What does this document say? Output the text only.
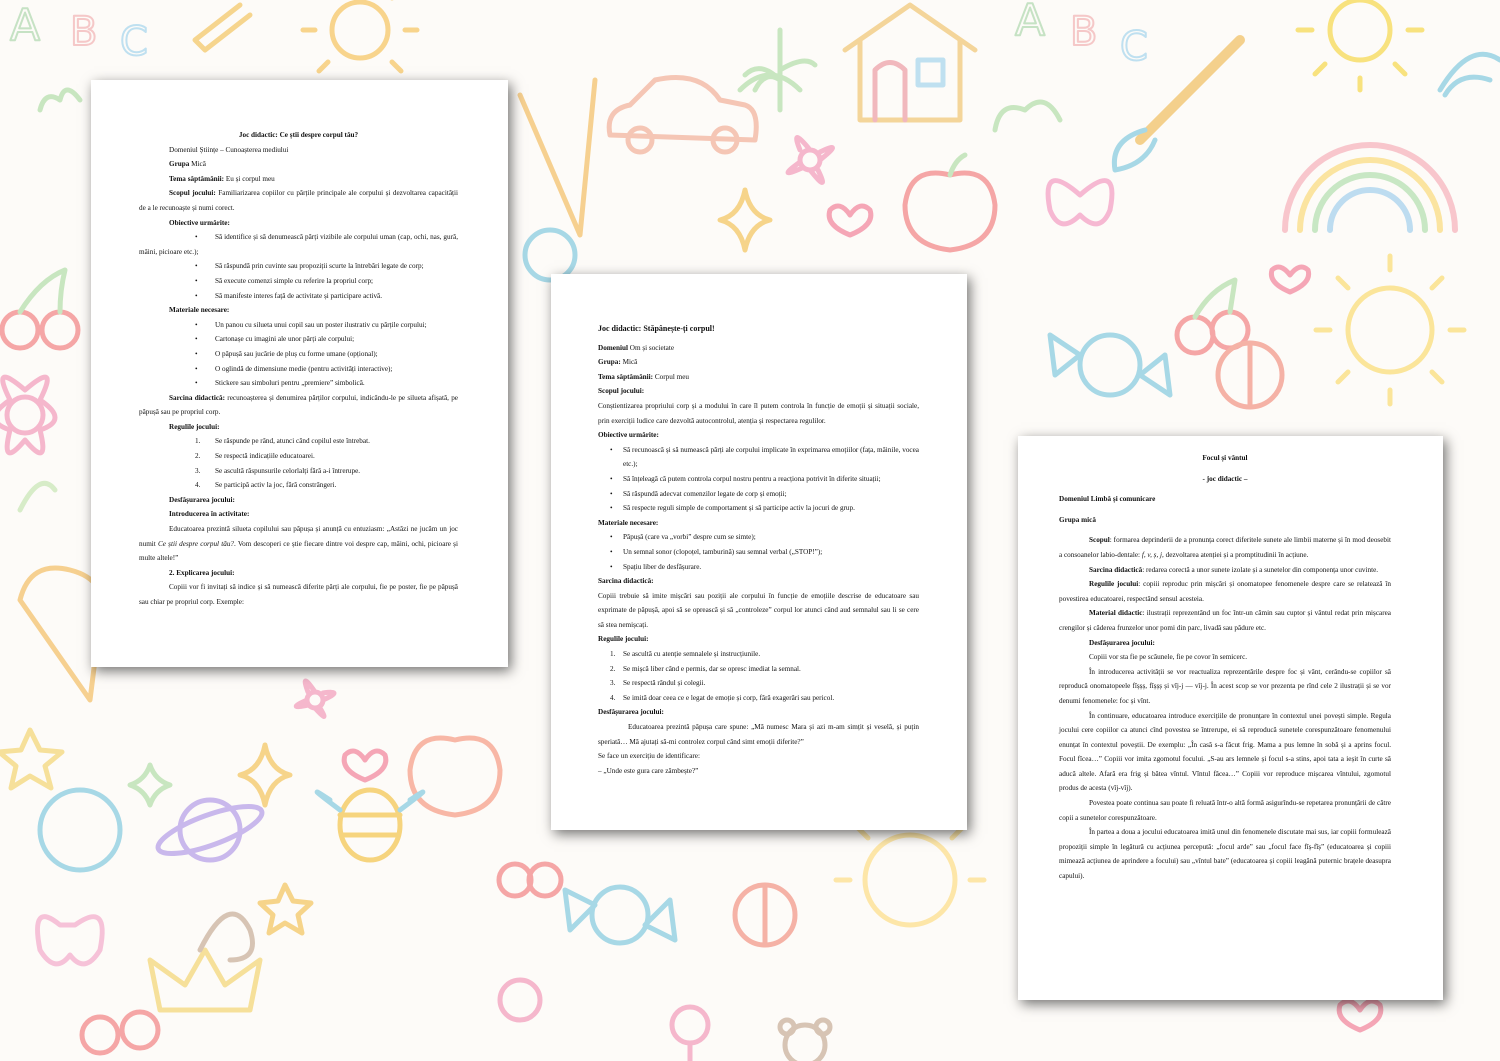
A B C	A B C

Joc didactic: Ce știi despre corpul tău?

Domeniul Științe – Cunoașterea mediului

Grupa Mică

Tema săptămânii: Eu și corpul meu

Scopul jocului: Familiarizarea copiilor cu părțile principale ale corpului și dezvoltarea capacității de a le recunoaște și numi corect.

Obiective urmărite:

• Să identifice și să denumească părți vizibile ale corpului uman (cap, ochi, nas, gură, mâini, picioare etc.);

• Să răspundă prin cuvinte sau propoziții scurte la întrebări legate de corp;

• Să execute comenzi simple cu referire la propriul corp;

• Să manifeste interes față de activitate și participare activă.

Materiale necesare:

• Un panou cu silueta unui copil sau un poster ilustrativ cu părțile corpului;

• Cartonașe cu imagini ale unor părți ale corpului;

• O păpușă sau jucărie de pluș cu forme umane (opțional);

• O oglindă de dimensiune medie (pentru activități interactive);

• Stickere sau simboluri pentru „premiere” simbolică.

Sarcina didactică: recunoașterea și denumirea părților corpului, indicându-le pe silueta afișată, pe păpușă sau pe propriul corp.

Regulile jocului:

1. Se răspunde pe rând, atunci când copilul este întrebat.

2. Se respectă indicațiile educatoarei.

3. Se ascultă răspunsurile celorlalți fără a-i întrerupe.

4. Se participă activ la joc, fără constrângeri.

Desfășurarea jocului:

Introducerea în activitate:

Educatoarea prezintă silueta copilului sau păpușa și anunță cu entuziasm: „Astăzi ne jucăm un joc numit Ce știi despre corpul tău?. Vom descoperi ce știe fiecare dintre voi despre cap, mâini, ochi, picioare și multe altele!”

2. Explicarea jocului:

Copiii vor fi invitați să indice și să numească diferite părți ale corpului, fie pe poster, fie pe păpușă sau chiar pe propriul corp. Exemple:

Joc didactic: Stăpânește-ți corpul!

Domeniul Om și societate

Grupa: Mică

Tema săptămânii: Corpul meu

Scopul jocului:

Conștientizarea propriului corp și a modului în care îl putem controla în funcție de emoții și situații sociale, prin exerciții ludice care dezvoltă autocontrolul, atenția și respectarea regulilor.

Obiective urmărite:

• Să recunoască și să numească părți ale corpului implicate în exprimarea emoțiilor (fața, mâinile, vocea etc.);

• Să înțeleagă că putem controla corpul nostru pentru a reacționa potrivit în diferite situații;

• Să răspundă adecvat comenzilor legate de corp și emoții;

• Să respecte reguli simple de comportament și să participe activ la jocuri de grup.

Materiale necesare:

• Păpușă (care va „vorbi” despre cum se simte);

• Un semnal sonor (clopoțel, tamburină) sau semnal verbal („STOP!”);

• Spațiu liber de desfășurare.

Sarcina didactică:

Copiii trebuie să imite mișcări sau poziții ale corpului în funcție de emoțiile descrise de educatoare sau exprimate de păpușă, apoi să se oprească și să „controleze” corpul lor atunci când aud semnalul sau li se cere să stea nemișcați.

Regulile jocului:

1. Se ascultă cu atenție semnalele și instrucțiunile.

2. Se mișcă liber când e permis, dar se opresc imediat la semnal.

3. Se respectă rândul și colegii.

4. Se imită doar ceea ce e legat de emoție și corp, fără exagerări sau pericol.

Desfășurarea jocului:

Educatoarea prezintă păpușa care spune: „Mă numesc Mara și azi m-am simțit și veselă, și puțin speriată… Mă ajutați să-mi controlez corpul când simt emoții diferite?”

Se face un exercițiu de identificare:

– „Unde este gura care zâmbește?”

Focul și vântul

- joc didactic –

Domeniul Limbă și comunicare

Grupa mică

Scopul: formarea deprinderii de a pronunța corect diferitele sunete ale limbii materne și în mod deosebit a consoanelor labio-dentale: f, v, ș, j, dezvoltarea atenției și a promptitudinii în acțiune.

Sarcina didactică: redarea corectă a unor sunete izolate și a sunetelor din componența unor cuvinte.

Regulile jocului: copiii reproduc prin mișcări și onomatopee fenomenele despre care se relatează în povestirea educatoarei, respectând sensul acesteia.

Material didactic: ilustrații reprezentând un foc într-un cămin sau cuptor și vântul redat prin mișcarea crengilor și căderea frunzelor unor pomi din parc, livadă sau pădure etc.

Desfășurarea jocului:

Copiii vor sta fie pe scăunele, fie pe covor în semicerc.

În introducerea activității se vor reactualiza reprezentările despre foc și vânt, cerându-se copiilor să reproducă onomatopeele fîșșș, fîșșș și vîj-j — vîj-j. În acest scop se vor prezenta pe rînd cele 2 ilustrații și se vor denumi fenomenele: foc și vînt.

În continuare, educatoarea introduce exercițiile de pronunțare în contextul unei povești simple. Regula jocului cere copiilor ca atunci cînd povestea se întrerupe, ei să reproducă sunetele corespunzătoare fenomenului enunțat în contextul poveștii. De exemplu: „În casă s-a făcut frig. Mama a pus lemne în sobă și a aprins focul. Focul fîcea…” Copiii vor imita zgomotul focului. „S-au ars lemnele și focul s-a stins, apoi tata a ieșit în curte să aducă altele. Afară era frig și bătea vîntul. Vîntul făcea…” Copiii vor reproduce mișcarea vîntului, zgomotul produs de acesta (vîj-vîj).

Povestea poate continua sau poate fi reluată într-o altă formă asigurîndu-se repetarea pronunțării de către copii a sunetelor corespunzătoare.

În partea a doua a jocului educatoarea imită unul din fenomenele discutate mai sus, iar copiii formulează propoziții simple în legătură cu acțiunea percepută: „focul arde” sau „focul face fîș-fîș” (educatoarea și copiii mimează acțiunea de aprindere a focului) sau „vîntul bate” (educatoarea și copiii leagănă puternic brațele deasupra capului).
